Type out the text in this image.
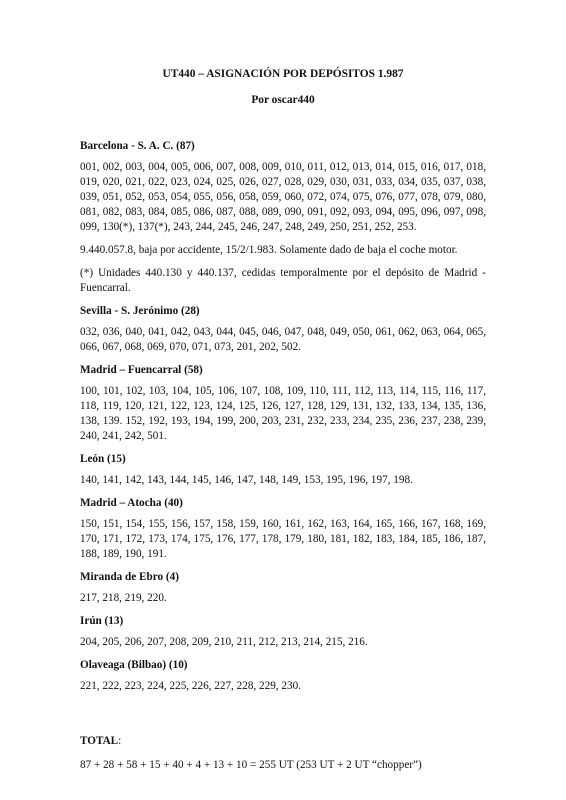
UT440 – ASIGNACIÓN POR DEPÓSITOS 1.987
Por oscar440

Barcelona - S. A. C. (87)

001, 002, 003, 004, 005, 006, 007, 008, 009, 010, 011, 012, 013, 014, 015, 016, 017, 018, 019, 020, 021, 022, 023, 024, 025, 026, 027, 028, 029, 030, 031, 033, 034, 035, 037, 038, 039, 051, 052, 053, 054, 055, 056, 058, 059, 060, 072, 074, 075, 076, 077, 078, 079, 080, 081, 082, 083, 084, 085, 086, 087, 088, 089, 090, 091, 092, 093, 094, 095, 096, 097, 098, 099, 130(*), 137(*), 243, 244, 245, 246, 247, 248, 249, 250, 251, 252, 253.

9.440.057.8, baja por accidente, 15/2/1.983. Solamente dado de baja el coche motor.

(*) Unidades 440.130 y 440.137, cedidas temporalmente por el depósito de Madrid - Fuencarral.

Sevilla - S. Jerónimo (28)

032, 036, 040, 041, 042, 043, 044, 045, 046, 047, 048, 049, 050, 061, 062, 063, 064, 065, 066, 067, 068, 069, 070, 071, 073, 201, 202, 502.

Madrid – Fuencarral (58)

100, 101, 102, 103, 104, 105, 106, 107, 108, 109, 110, 111, 112, 113, 114, 115, 116, 117, 118, 119, 120, 121, 122, 123, 124, 125, 126, 127, 128, 129, 131, 132, 133, 134, 135, 136, 138, 139. 152, 192, 193, 194, 199, 200, 203, 231, 232, 233, 234, 235, 236, 237, 238, 239, 240, 241, 242, 501.

León (15)

140, 141, 142, 143, 144, 145, 146, 147, 148, 149, 153, 195, 196, 197, 198.

Madrid – Atocha (40)

150, 151, 154, 155, 156, 157, 158, 159, 160, 161, 162, 163, 164, 165, 166, 167, 168, 169, 170, 171, 172, 173, 174, 175, 176, 177, 178, 179, 180, 181, 182, 183, 184, 185, 186, 187, 188, 189, 190, 191.

Miranda de Ebro (4)

217, 218, 219, 220.

Irún (13)

204, 205, 206, 207, 208, 209, 210, 211, 212, 213, 214, 215, 216.

Olaveaga (Bilbao) (10)

221, 222, 223, 224, 225, 226, 227, 228, 229, 230.

TOTAL:

87 + 28 + 58 + 15 + 40 + 4 + 13 + 10 = 255 UT (253 UT + 2 UT “chopper”)
